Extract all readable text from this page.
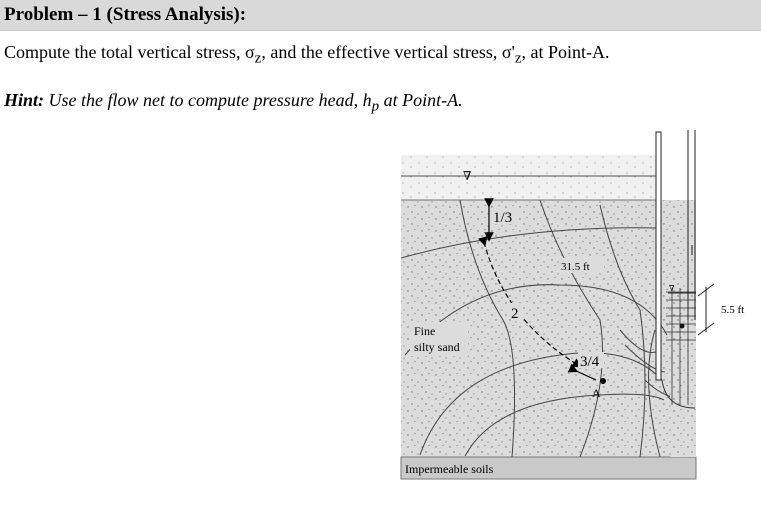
Problem – 1 (Stress Analysis):
Compute the total vertical stress, $\sigma_z$, and the effective vertical stress, $\sigma'_z$, at Point-A.
Hint: Use the flow net to compute pressure head, $h_p$ at Point-A.
∇
Impermeable soils
∇
5.5 ft
1/3
2
31.5 ft
3/4
A
Fine
silty sand
